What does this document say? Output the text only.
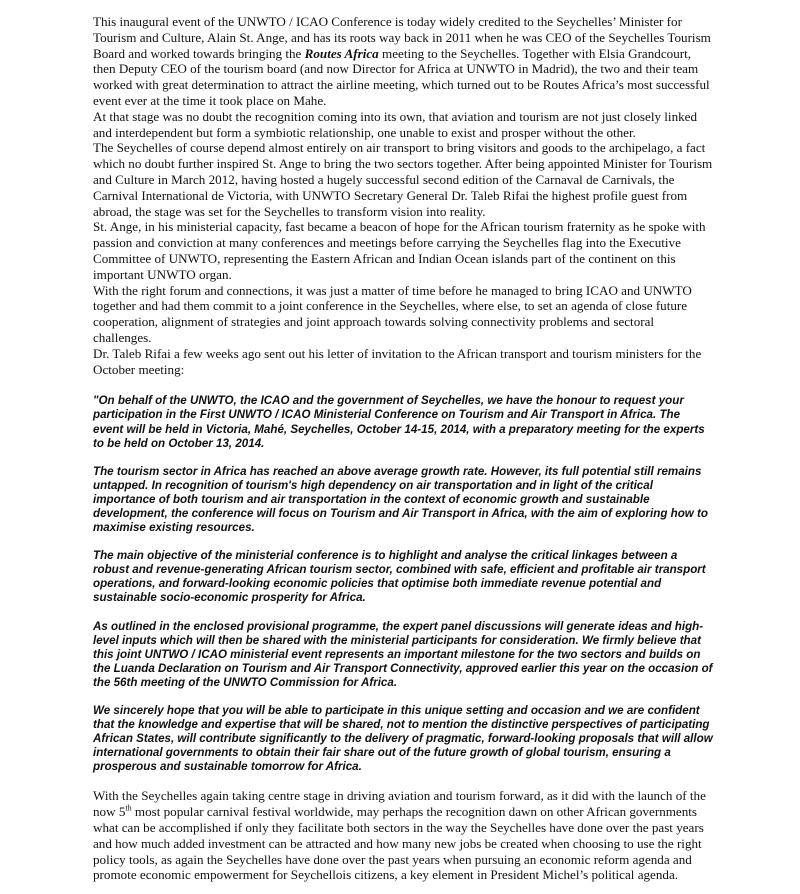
This inaugural event of the UNWTO / ICAO Conference is today widely credited to the Seychelles’ Minister for Tourism and Culture, Alain St. Ange, and has its roots way back in 2011 when he was CEO of the Seychelles Tourism Board and worked towards bringing the Routes Africa meeting to the Seychelles. Together with Elsia Grandcourt, then Deputy CEO of the tourism board (and now Director for Africa at UNWTO in Madrid), the two and their team worked with great determination to attract the airline meeting, which turned out to be Routes Africa’s most successful event ever at the time it took place on Mahe.

At that stage was no doubt the recognition coming into its own, that aviation and tourism are not just closely linked and interdependent but form a symbiotic relationship, one unable to exist and prosper without the other.

The Seychelles of course depend almost entirely on air transport to bring visitors and goods to the archipelago, a fact which no doubt further inspired St. Ange to bring the two sectors together. After being appointed Minister for Tourism and Culture in March 2012, having hosted a hugely successful second edition of the Carnaval de Carnivals, the Carnival International de Victoria, with UNWTO Secretary General Dr. Taleb Rifai the highest profile guest from abroad, the stage was set for the Seychelles to transform vision into reality.

St. Ange, in his ministerial capacity, fast became a beacon of hope for the African tourism fraternity as he spoke with passion and conviction at many conferences and meetings before carrying the Seychelles flag into the Executive Committee of UNWTO, representing the Eastern African and Indian Ocean islands part of the continent on this important UNWTO organ.

With the right forum and connections, it was just a matter of time before he managed to bring ICAO and UNWTO together and had them commit to a joint conference in the Seychelles, where else, to set an agenda of close future cooperation, alignment of strategies and joint approach towards solving connectivity problems and sectoral challenges.

Dr. Taleb Rifai a few weeks ago sent out his letter of invitation to the African transport and tourism ministers for the October meeting:

"On behalf of the UNWTO, the ICAO and the government of Seychelles, we have the honour to request your participation in the First UNWTO / ICAO Ministerial Conference on Tourism and Air Transport in Africa. The event will be held in Victoria, Mahé, Seychelles, October 14-15, 2014, with a preparatory meeting for the experts to be held on October 13, 2014.

The tourism sector in Africa has reached an above average growth rate. However, its full potential still remains untapped. In recognition of tourism's high dependency on air transportation and in light of the critical importance of both tourism and air transportation in the context of economic growth and sustainable development, the conference will focus on Tourism and Air Transport in Africa, with the aim of exploring how to maximise existing resources.

The main objective of the ministerial conference is to highlight and analyse the critical linkages between a robust and revenue-generating African tourism sector, combined with safe, efficient and profitable air transport operations, and forward-looking economic policies that optimise both immediate revenue potential and sustainable socio-economic prosperity for Africa.

As outlined in the enclosed provisional programme, the expert panel discussions will generate ideas and high-level inputs which will then be shared with the ministerial participants for consideration. We firmly believe that this joint UNTWO / ICAO ministerial event represents an important milestone for the two sectors and builds on the Luanda Declaration on Tourism and Air Transport Connectivity, approved earlier this year on the occasion of the 56th meeting of the UNWTO Commission for Africa.

We sincerely hope that you will be able to participate in this unique setting and occasion and we are confident that the knowledge and expertise that will be shared, not to mention the distinctive perspectives of participating African States, will contribute significantly to the delivery of pragmatic, forward-looking proposals that will allow international governments to obtain their fair share out of the future growth of global tourism, ensuring a prosperous and sustainable tomorrow for Africa.

With the Seychelles again taking centre stage in driving aviation and tourism forward, as it did with the launch of the now 5th most popular carnival festival worldwide, may perhaps the recognition dawn on other African governments what can be accomplished if only they facilitate both sectors in the way the Seychelles have done over the past years and how much added investment can be attracted and how many new jobs be created when choosing to use the right policy tools, as again the Seychelles have done over the past years when pursuing an economic reform agenda and promote economic empowerment for Seychellois citizens, a key element in President Michel’s political agenda.
